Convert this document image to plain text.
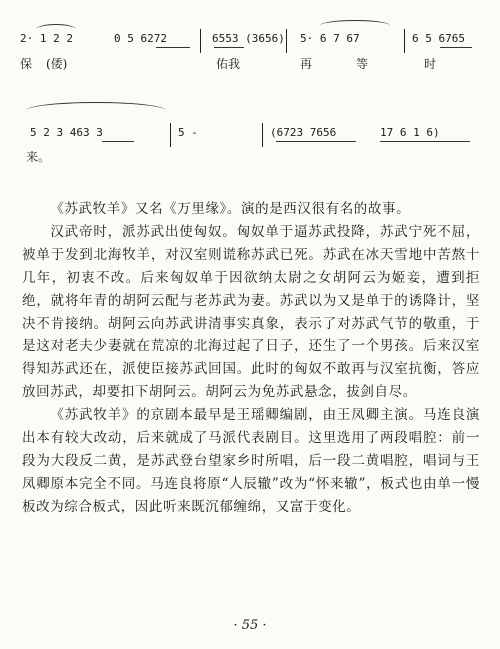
2· 1 2 2	0 5 6272	6553 (3656) 5· 6 7 67	6 5 6765
保 (倭)	佑我	再	等	时
5 2 3 463 3	5 -	(6723 7656	17 6 1 6)
来。

《苏武牧羊》又名《万里缘》。演的是西汉很有名的故事。

汉武帝时，派苏武出使匈奴。匈奴单于逼苏武投降，苏武宁死不屈，被单于发到北海牧羊，对汉室则谎称苏武已死。苏武在冰天雪地中苦熬十几年，初衷不改。后来匈奴单于因欲纳太尉之女胡阿云为姬妾，遭到拒绝，就将年青的胡阿云配与老苏武为妻。苏武以为又是单于的诱降计，坚决不肯接纳。胡阿云向苏武讲清事实真象，表示了对苏武气节的敬重，于是这对老夫少妻就在荒凉的北海过起了日子，还生了一个男孩。后来汉室得知苏武还在，派使臣接苏武回国。此时的匈奴不敢再与汉室抗衡，答应放回苏武，却要扣下胡阿云。胡阿云为免苏武悬念，拔剑自尽。

《苏武牧羊》的京剧本最早是王瑶卿编剧，由王凤卿主演。马连良演出本有较大改动，后来就成了马派代表剧目。这里选用了两段唱腔：前一段为大段反二黄，是苏武登台望家乡时所唱，后一段二黄唱腔，唱词与王凤卿原本完全不同。马连良将原“人辰辙”改为“怀来辙”，板式也由单一慢板改为综合板式，因此听来既沉郁缠绵，又富于变化。

· 55 ·
